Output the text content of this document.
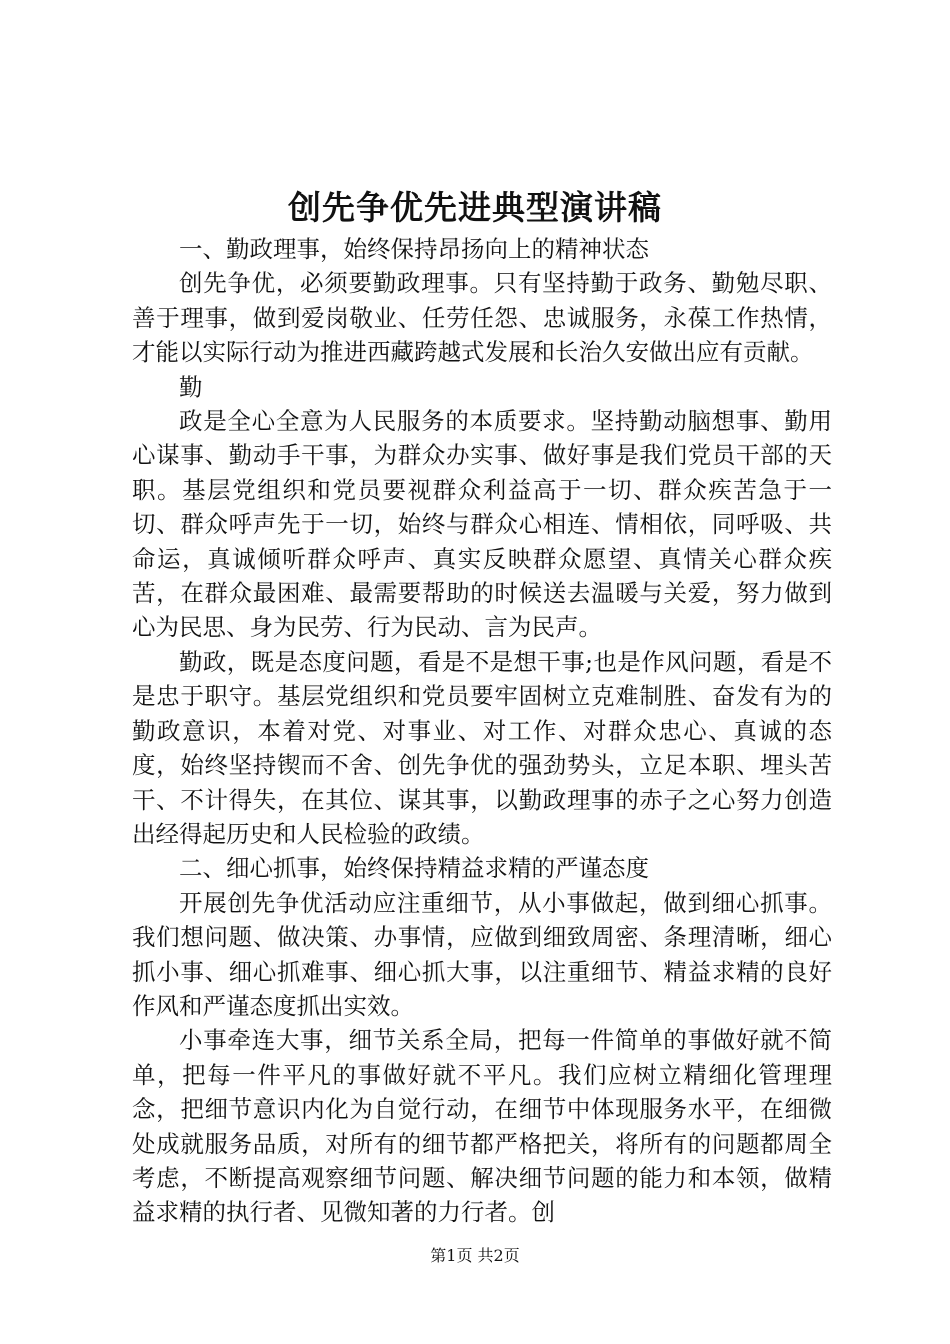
创先争优先进典型演讲稿

一、勤政理事，始终保持昂扬向上的精神状态

创先争优，必须要勤政理事。只有坚持勤于政务、勤勉尽职、善于理事，做到爱岗敬业、任劳任怨、忠诚服务，永葆工作热情，才能以实际行动为推进西藏跨越式发展和长治久安做出应有贡献。

勤

政是全心全意为人民服务的本质要求。坚持勤动脑想事、勤用心谋事、勤动手干事，为群众办实事、做好事是我们党员干部的天职。基层党组织和党员要视群众利益高于一切、群众疾苦急于一切、群众呼声先于一切，始终与群众心相连、情相依，同呼吸、共命运，真诚倾听群众呼声、真实反映群众愿望、真情关心群众疾苦，在群众最困难、最需要帮助的时候送去温暖与关爱，努力做到心为民思、身为民劳、行为民动、言为民声。

勤政，既是态度问题，看是不是想干事;也是作风问题，看是不是忠于职守。基层党组织和党员要牢固树立克难制胜、奋发有为的勤政意识，本着对党、对事业、对工作、对群众忠心、真诚的态度，始终坚持锲而不舍、创先争优的强劲势头，立足本职、埋头苦干、不计得失，在其位、谋其事，以勤政理事的赤子之心努力创造出经得起历史和人民检验的政绩。

二、细心抓事，始终保持精益求精的严谨态度

开展创先争优活动应注重细节，从小事做起，做到细心抓事。我们想问题、做决策、办事情，应做到细致周密、条理清晰，细心抓小事、细心抓难事、细心抓大事，以注重细节、精益求精的良好作风和严谨态度抓出实效。

小事牵连大事，细节关系全局，把每一件简单的事做好就不简单，把每一件平凡的事做好就不平凡。我们应树立精细化管理理念，把细节意识内化为自觉行动，在细节中体现服务水平，在细微处成就服务品质，对所有的细节都严格把关，将所有的问题都周全考虑，不断提高观察细节问题、解决细节问题的能力和本领，做精益求精的执行者、见微知著的力行者。创

第1页 共2页
